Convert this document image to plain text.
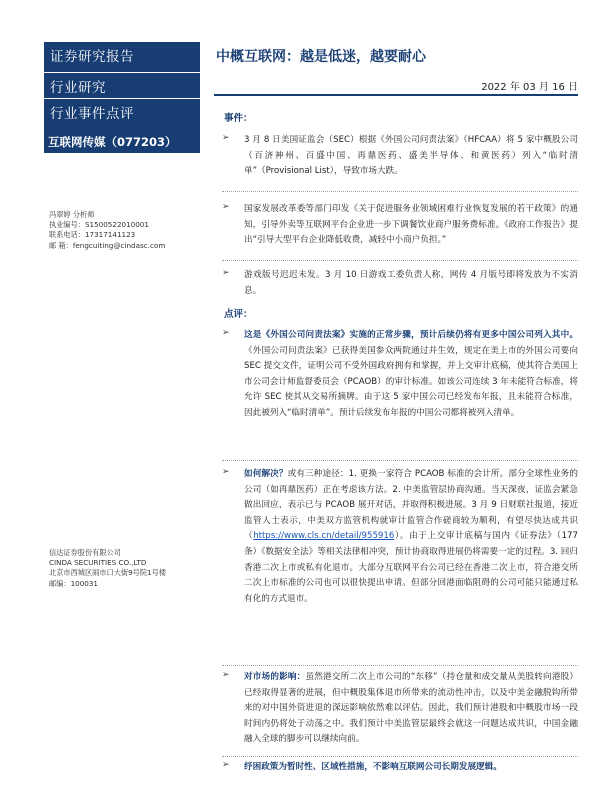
证券研究报告
行业研究
行业事件点评
互联网传媒（077203）
冯翠婷 分析师
执业编号：S1500522010001
联系电话：17317141123
邮 箱：fengcuiting@cindasc.com
信达证券股份有限公司
CINDA SECURITIES CO.,LTD
北京市西城区闹市口大街9号院1号楼
邮编：100031
中概互联网：越是低迷，越要耐心
2022 年 03 月 16 日
事件：
➢ 3 月 8 日美国证监会（SEC）根据《外国公司问责法案》（HFCAA）将 5 家中概股公司（百济神州、百盛中国、再鼎医药、盛美半导体、和黄医药）列入“临时清单”（Provisional List），导致市场大跌。
➢ 国家发展改革委等部门印发《关于促进服务业领域困难行业恢复发展的若干政策》的通知，引导外卖等互联网平台企业进一步下调餐饮业商户服务费标准。《政府工作报告》提出“引导大型平台企业降低收费，减轻中小商户负担。”
➢ 游戏版号迟迟未发。3 月 10 日游戏工委负责人称，网传 4 月版号即将发放为不实消息。
点评：
➢ 这是《外国公司问责法案》实施的正常步骤，预计后续仍将有更多中国公司列入其中。《外国公司问责法案》已获得美国参众两院通过并生效，规定在美上市的外国公司要向 SEC 提交文件，证明公司不受外国政府拥有和掌握，并上交审计底稿，使其符合美国上市公司会计师监督委员会（PCAOB）的审计标准。如该公司连续 3 年未能符合标准，将允许 SEC 使其从交易所摘牌。由于这 5 家中国公司已经发布年报，且未能符合标准，因此被列入“临时清单”。预计后续发布年报的中国公司都将被列入清单。
➢ 如何解决？或有三种途径：1. 更换一家符合 PCAOB 标准的会计所。部分全球性业务的公司（如再鼎医药）正在考虑该方法。2. 中美监管层协商沟通。当天深夜，证监会紧急做出回应，表示已与 PCAOB 展开对话，并取得积极进展。3 月 9 日财联社报道，接近监管人士表示，中美双方监管机构就审计监管合作磋商较为顺利，有望尽快达成共识（https://www.cls.cn/detail/955916）。由于上交审计底稿与国内《证券法》（177 条）《数据安全法》等相关法律相冲突，预计协商取得进展仍将需要一定的过程。3. 回归香港二次上市或私有化退市。大部分互联网平台公司已经在香港二次上市，符合港交所二次上市标准的公司也可以很快提出申请。但部分回港面临阻碍的公司可能只能通过私有化的方式退市。
➢ 对市场的影响：虽然港交所二次上市公司的“东移”（持仓量和成交量从美股转向港股）已经取得显著的进展，但中概股集体退市所带来的流动性冲击，以及中美金融脱钩所带来的对中国外资进退的深远影响依然难以评估。因此，我们预计港股和中概股市场一段时间内仍将处于动荡之中。我们预计中美监管层最终会就这一问题达成共识，中国金融融入全球的脚步可以继续向前。
➢ 纾困政策为暂时性、区域性措施，不影响互联网公司长期发展逻辑。
